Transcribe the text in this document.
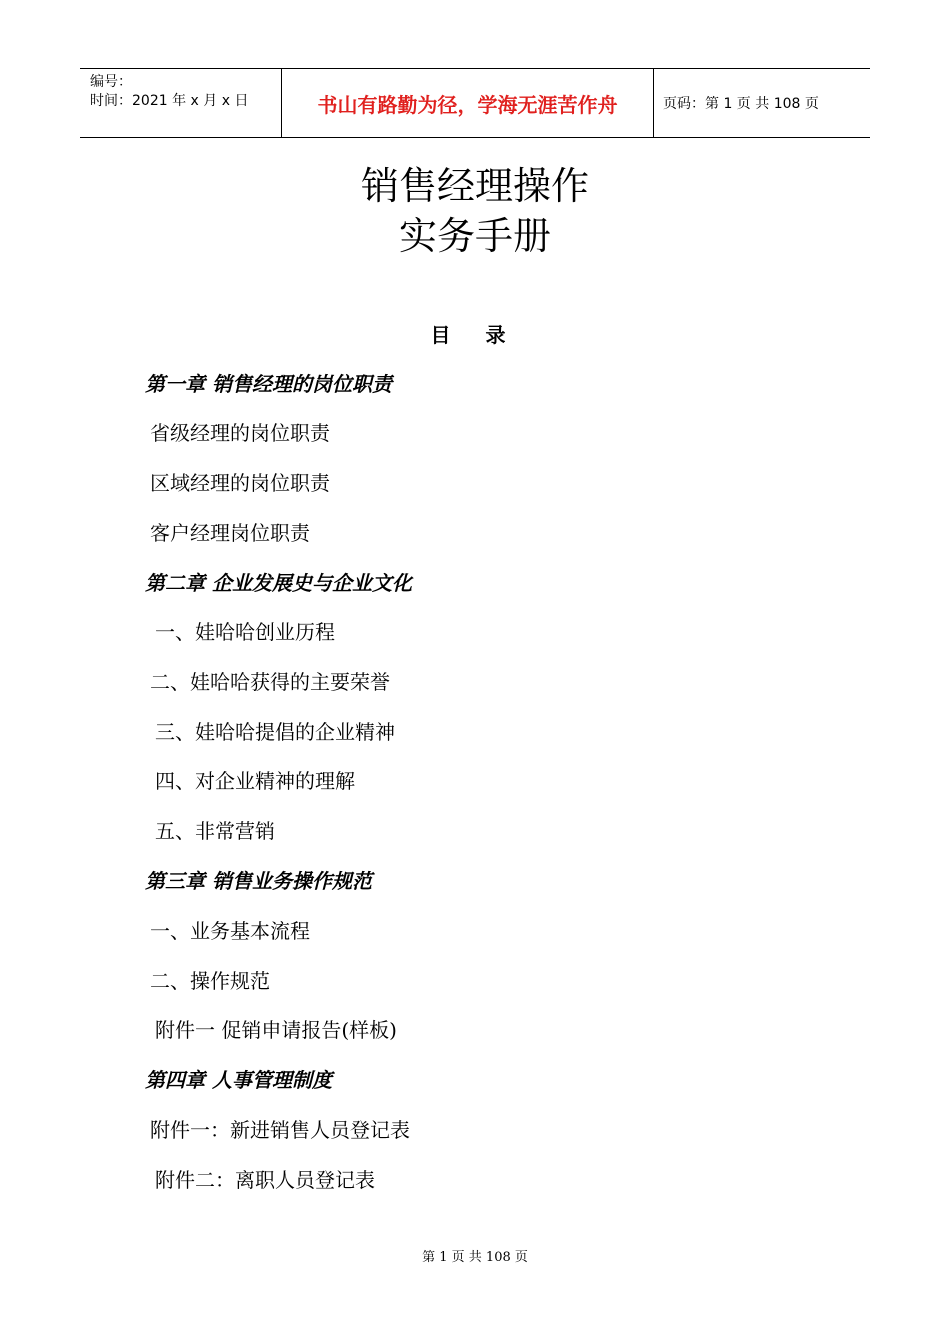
编号：
时间：2021 年 x 月 x 日	书山有路勤为径，学海无涯苦作舟	页码：第 1 页 共 108 页
销售经理操作
实务手册
目 录
第一章 销售经理的岗位职责
省级经理的岗位职责
区域经理的岗位职责
客户经理岗位职责
第二章 企业发展史与企业文化
一、娃哈哈创业历程
二、娃哈哈获得的主要荣誉
三、娃哈哈提倡的企业精神
四、对企业精神的理解
五、非常营销
第三章 销售业务操作规范
一、业务基本流程
二、操作规范
附件一 促销申请报告(样板)
第四章 人事管理制度
附件一：新进销售人员登记表
附件二：离职人员登记表
第 1 页 共 108 页
